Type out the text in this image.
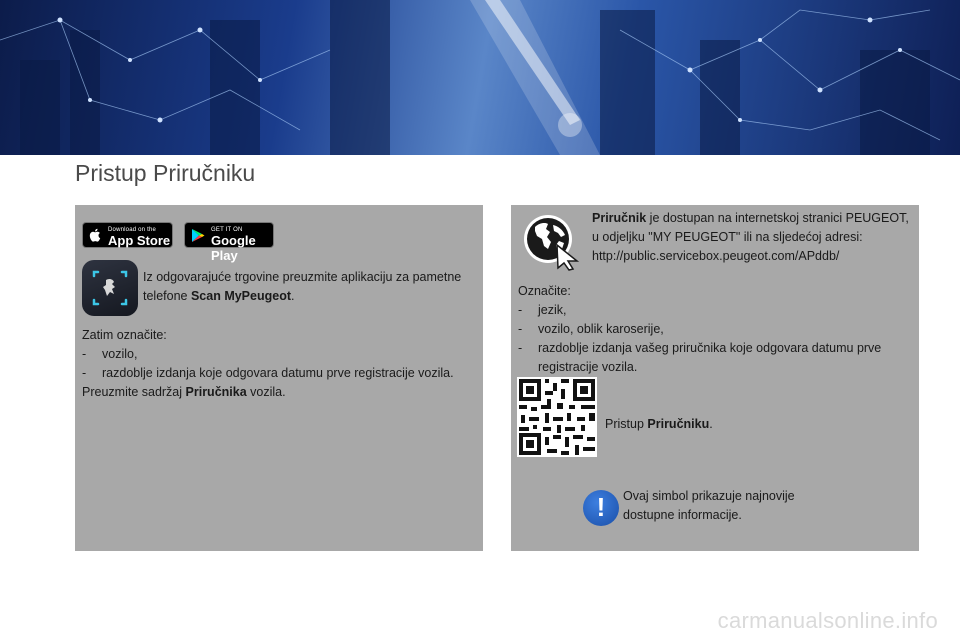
Pristup Priručniku
Download on the
App Store
GET IT ON
Google Play

Iz odgovarajuće trgovine preuzmite aplikaciju za pametne telefone Scan MyPeugeot.

Zatim označite:

-	vozilo,
-	razdoblje izdanja koje odgovara datumu prve registracije vozila.

Preuzmite sadržaj Priručnika vozila.

Priručnik je dostupan na internetskoj stranici PEUGEOT, u odjeljku "MY PEUGEOT" ili na sljedećoj adresi:

http://public.servicebox.peugeot.com/APddb/

Označite:

-	jezik,
-	vozilo, oblik karoserije,
-	razdoblje izdanja vašeg priručnika koje odgovara datumu prve registracije vozila.

Pristup Priručniku.

!	Ovaj simbol prikazuje najnovije dostupne informacije.

carmanualsonline.info
